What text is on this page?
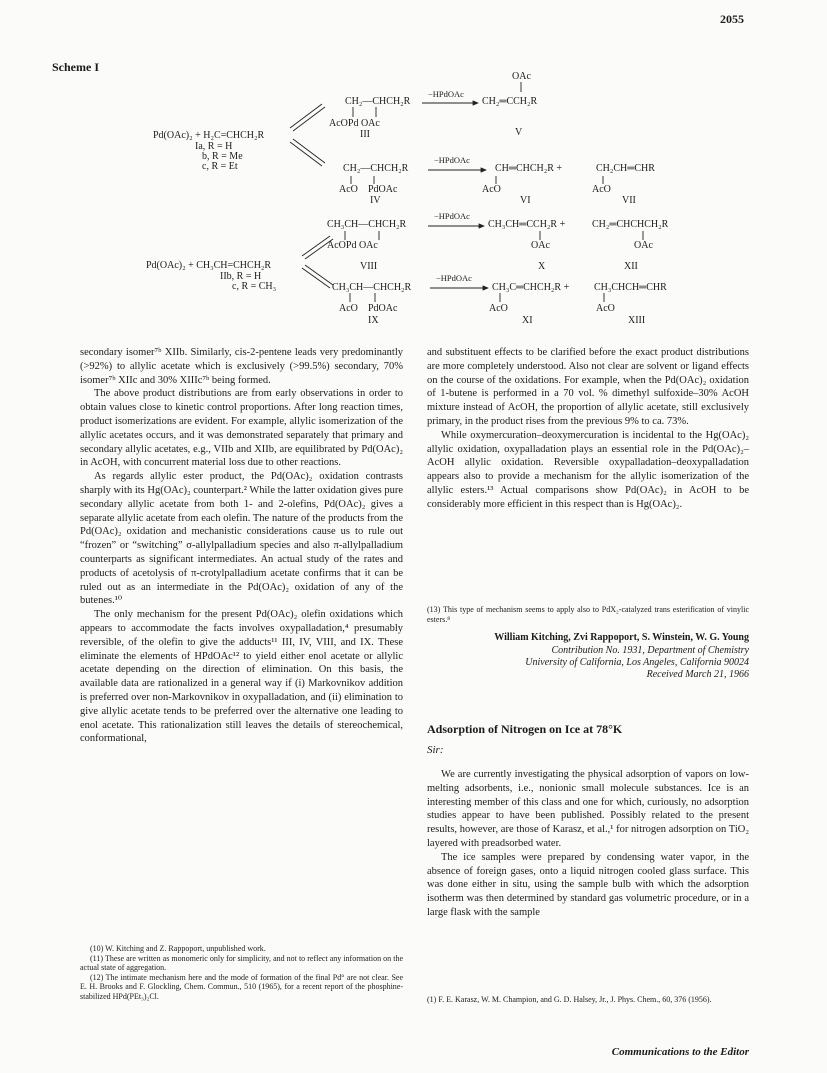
2055
Scheme I
Pd(OAc)₂ + H₂C=CHCH₂R
Ia, R = H
b, R = Me
c, R = Et
−HPdOAc
−HPdOAc
−HPdOAc
−HPdOAc
CH₂—CHCH₂R
AcOPd OAc
III
OAc
CH₂═CCH₂R
V
CH₂—CHCH₂R
AcO PdOAc
IV
CH═CHCH₂R +
AcO
VI
CH₂CH═CHR
AcO
VII
Pd(OAc)₂ + CH₃CH=CHCH₂R
IIb, R = H
c, R = CH₃
CH₃CH—CHCH₂R
AcOPd OAc
VIII
CH₃CH═CCH₂R +
OAc
X
CH₂═CHCHCH₂R
OAc
XII
CH₃CH—CHCH₂R
AcO PdOAc
IX
CH₃C═CHCH₂R +
AcO
XI
CH₃CHCH═CHR
AcO
XIII

secondary isomer⁷ᵇ XIIb. Similarly, cis-2-pentene leads very predominantly (>92%) to allylic acetate which is exclusively (>99.5%) secondary, 70% isomer⁷ᵇ XIIc and 30% XIIIc⁷ᵇ being formed.

The above product distributions are from early observations in order to obtain values close to kinetic control proportions. After long reaction times, product isomerizations are evident. For example, allylic isomerization of the allylic acetates occurs, and it was demonstrated separately that primary and secondary allylic acetates, e.g., VIIb and XIIb, are equilibrated by Pd(OAc)₂ in AcOH, with concurrent material loss due to other reactions.

As regards allylic ester product, the Pd(OAc)₂ oxidation contrasts sharply with its Hg(OAc)₂ counterpart.² While the latter oxidation gives pure secondary allylic acetate from both 1- and 2-olefins, Pd(OAc)₂ gives a separate allylic acetate from each olefin. The nature of the products from the Pd(OAc)₂ oxidation and mechanistic considerations cause us to rule out “frozen” or “switching” σ-allylpalladium species and also π-allylpalladium counterparts as significant intermediates. An actual study of the rates and products of acetolysis of π-crotylpalladium acetate confirms that it can be ruled out as an intermediate in the Pd(OAc)₂ oxidation of any of the butenes.¹⁰

The only mechanism for the present Pd(OAc)₂ olefin oxidations which appears to accommodate the facts involves oxypalladation,⁴ presumably reversible, of the olefin to give the adducts¹¹ III, IV, VIII, and IX. These eliminate the elements of HPdOAc¹² to yield either enol acetate or allylic acetate depending on the direction of elimination. On this basis, the available data are rationalized in a general way if (i) Markovnikov addition is preferred over non-Markovnikov in oxypalladation, and (ii) elimination to give allylic acetate tends to be preferred over the alternative one leading to enol acetate. This rationalization still leaves the details of stereochemical, conformational,

(10) W. Kitching and Z. Rappoport, unpublished work.

(11) These are written as monomeric only for simplicity, and not to reflect any information on the actual state of aggregation.

(12) The intimate mechanism here and the mode of formation of the final Pd° are not clear. See E. H. Brooks and F. Glockling, Chem. Commun., 510 (1965), for a recent report of the phosphine-stabilized HPd(PEt₃)₂Cl.

and substituent effects to be clarified before the exact product distributions are more completely understood. Also not clear are solvent or ligand effects on the course of the oxidations. For example, when the Pd(OAc)₂ oxidation of 1-butene is performed in a 70 vol. % dimethyl sulfoxide–30% AcOH mixture instead of AcOH, the proportion of allylic acetate, still exclusively primary, in the product rises from the previous 9% to ca. 73%.

While oxymercuration–deoxymercuration is incidental to the Hg(OAc)₂ allylic oxidation, oxypalladation plays an essential role in the Pd(OAc)₂–AcOH allylic oxidation. Reversible oxypalladation–deoxypalladation appears also to provide a mechanism for the allylic isomerization of the allylic esters.¹³ Actual comparisons show Pd(OAc)₂ in AcOH to be considerably more efficient in this respect than is Hg(OAc)₂.

(13) This type of mechanism seems to apply also to PdX₂-catalyzed trans esterification of vinylic esters.⁸
William Kitching, Zvi Rappoport, S. Winstein, W. G. Young
Contribution No. 1931, Department of Chemistry
University of California, Los Angeles, California 90024
Received March 21, 1966
Adsorption of Nitrogen on Ice at 78°K
Sir:

We are currently investigating the physical adsorption of vapors on low-melting adsorbents, i.e., nonionic small molecule substances. Ice is an interesting member of this class and one for which, curiously, no adsorption studies appear to have been published. Possibly related to the present results, however, are those of Karasz, et al.,¹ for nitrogen adsorption on TiO₂ layered with preadsorbed water.

The ice samples were prepared by condensing water vapor, in the absence of foreign gases, onto a liquid nitrogen cooled glass surface. This was done either in situ, using the sample bulb with which the adsorption isotherm was then determined by standard gas volumetric procedure, or in a large flask with the sample

(1) F. E. Karasz, W. M. Champion, and G. D. Halsey, Jr., J. Phys. Chem., 60, 376 (1956).
Communications to the Editor
